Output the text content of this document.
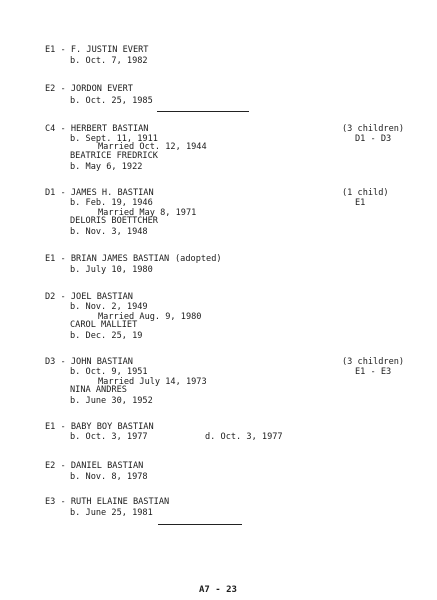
E1 - F. JUSTIN EVERT
b. Oct. 7, 1982
E2 - JORDON EVERT
b. Oct. 25, 1985
C4 - HERBERT BASTIAN	(3 children)
b. Sept. 11, 1911	D1 - D3
Married Oct. 12, 1944
BEATRICE FREDRICK
b. May 6, 1922
D1 - JAMES H. BASTIAN	(1 child)
b. Feb. 19, 1946	E1
Married May 8, 1971
DELORIS BOETTCHER
b. Nov. 3, 1948
E1 - BRIAN JAMES BASTIAN (adopted)
b. July 10, 1980
D2 - JOEL BASTIAN
b. Nov. 2, 1949
Married Aug. 9, 1980
CAROL MALLIET
b. Dec. 25, 19
D3 - JOHN BASTIAN	(3 children)
b. Oct. 9, 1951	E1 - E3
Married July 14, 1973
NINA ANDRES
b. June 30, 1952
E1 - BABY BOY BASTIAN
b. Oct. 3, 1977	d. Oct. 3, 1977
E2 - DANIEL BASTIAN
b. Nov. 8, 1978
E3 - RUTH ELAINE BASTIAN
b. June 25, 1981
A7 - 23
